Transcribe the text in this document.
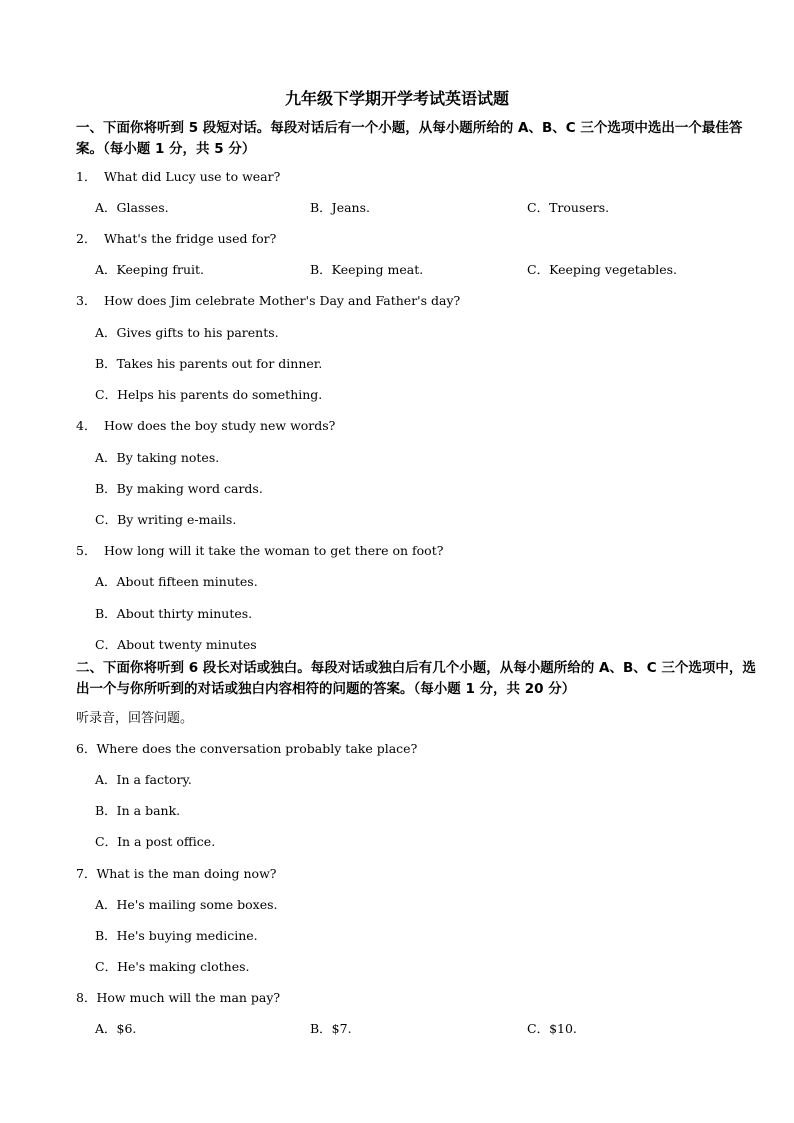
九年级下学期开学考试英语试题
一、下面你将听到 5 段短对话。每段对话后有一个小题，从每小题所给的 A、B、C 三个选项中选出一个最佳答案。（每小题 1 分，共 5 分）
1． What did Lucy use to wear?
A．Glasses.	B．Jeans.	C．Trousers.
2． What's the fridge used for?
A．Keeping fruit.	B．Keeping meat.	C．Keeping vegetables.
3． How does Jim celebrate Mother's Day and Father's day?
A．Gives gifts to his parents.
B．Takes his parents out for dinner.
C．Helps his parents do something.
4． How does the boy study new words?
A．By taking notes.
B．By making word cards.
C．By writing e-mails.
5． How long will it take the woman to get there on foot?
A．About fifteen minutes.
B．About thirty minutes.
C．About twenty minutes
二、下面你将听到 6 段长对话或独白。每段对话或独白后有几个小题，从每小题所给的 A、B、C 三个选项中，选出一个与你所听到的对话或独白内容相符的问题的答案。（每小题 1 分，共 20 分）
听录音，回答问题。
6．Where does the conversation probably take place?
A．In a factory.
B．In a bank.
C．In a post office.
7．What is the man doing now?
A．He's mailing some boxes.
B．He's buying medicine.
C．He's making clothes.
8．How much will the man pay?
A．$6.	B．$7.	C．$10.
